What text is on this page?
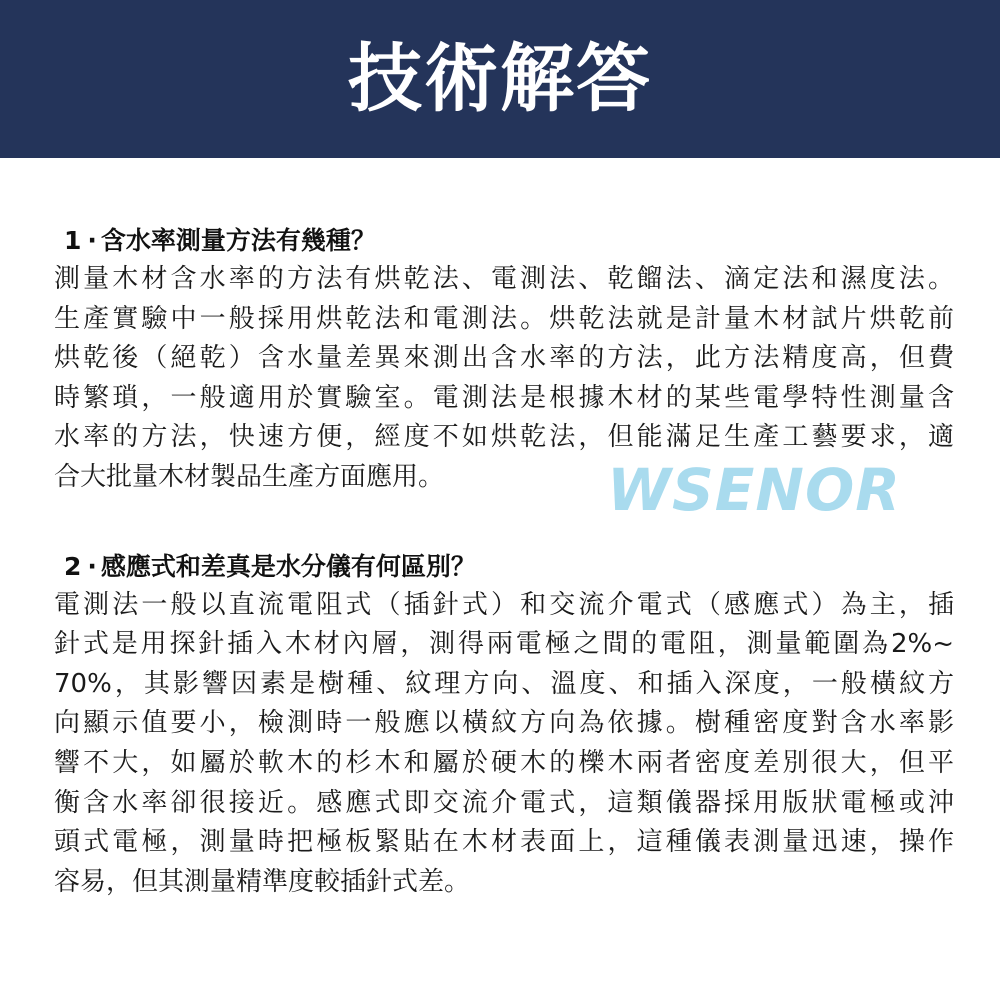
技術解答
1 · 含水率測量方法有幾種？
測量木材含水率的方法有烘乾法、電測法、乾餾法、滴定法和濕度法。
生產實驗中一般採用烘乾法和電測法。烘乾法就是計量木材試片烘乾前
烘乾後（絕乾）含水量差異來測出含水率的方法，此方法精度高，但費
時繁瑣，一般適用於實驗室。電測法是根據木材的某些電學特性測量含
水率的方法，快速方便，經度不如烘乾法，但能滿足生產工藝要求，適
合大批量木材製品生產方面應用。
2 · 感應式和差真是水分儀有何區別？
電測法一般以直流電阻式（插針式）和交流介電式（感應式）為主，插
針式是用探針插入木材內層，測得兩電極之間的電阻，測量範圍為2%~
70%，其影響因素是樹種、紋理方向、溫度、和插入深度，一般橫紋方
向顯示值要小，檢測時一般應以橫紋方向為依據。樹種密度對含水率影
響不大，如屬於軟木的杉木和屬於硬木的櫟木兩者密度差別很大，但平
衡含水率卻很接近。感應式即交流介電式，這類儀器採用版狀電極或沖
頭式電極，測量時把極板緊貼在木材表面上，這種儀表測量迅速，操作
容易，但其測量精準度較插針式差。
WSENOR
